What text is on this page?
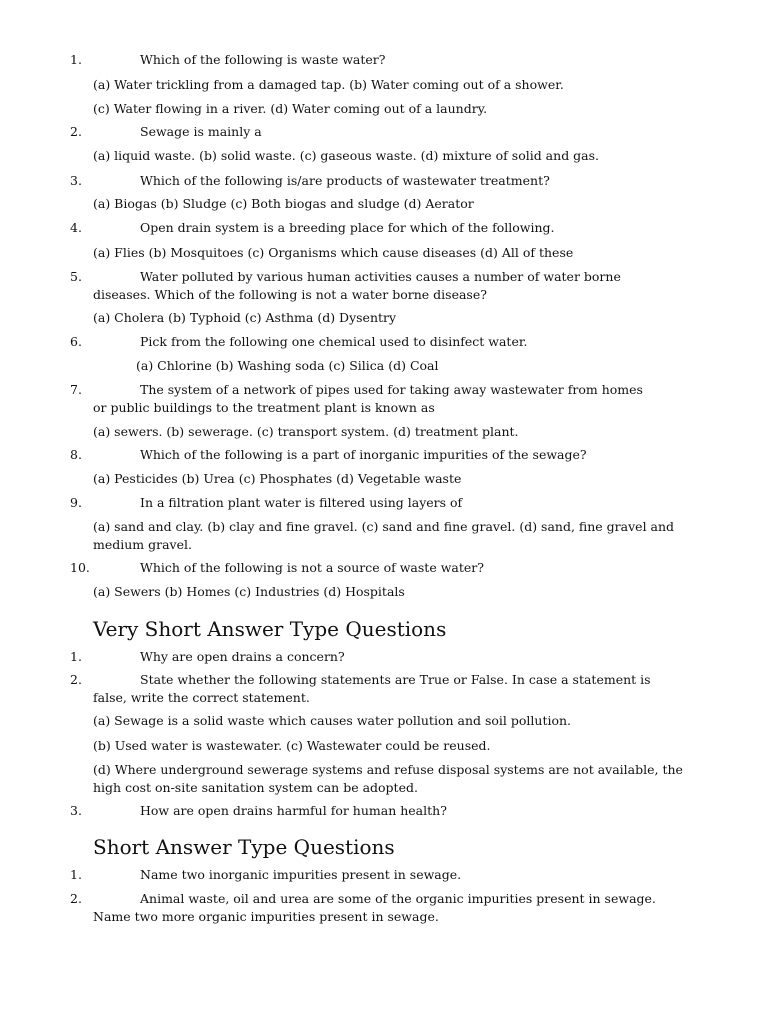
1.	Which of the following is waste water?
(a) Water trickling from a damaged tap. (b) Water coming out of a shower.
(c) Water flowing in a river. (d) Water coming out of a laundry.
2.	Sewage is mainly a
(a) liquid waste. (b) solid waste. (c) gaseous waste. (d) mixture of solid and gas.
3.	Which of the following is/are products of wastewater treatment?
(a) Biogas (b) Sludge (c) Both biogas and sludge (d) Aerator
4.	Open drain system is a breeding place for which of the following.
(a) Flies (b) Mosquitoes (c) Organisms which cause diseases (d) All of these
5.	Water polluted by various human activities causes a number of water borne
diseases. Which of the following is not a water borne disease?
(a) Cholera (b) Typhoid (c) Asthma (d) Dysentry
6.	Pick from the following one chemical used to disinfect water.
(a) Chlorine (b) Washing soda (c) Silica (d) Coal
7.	The system of a network of pipes used for taking away wastewater from homes
or public buildings to the treatment plant is known as
(a) sewers. (b) sewerage. (c) transport system. (d) treatment plant.
8.	Which of the following is a part of inorganic impurities of the sewage?
(a) Pesticides (b) Urea (c) Phosphates (d) Vegetable waste
9.	In a filtration plant water is filtered using layers of
(a) sand and clay. (b) clay and fine gravel. (c) sand and fine gravel. (d) sand, fine gravel and medium gravel.
10.	Which of the following is not a source of waste water?
(a) Sewers (b) Homes (c) Industries (d) Hospitals
Very Short Answer Type Questions
1.	Why are open drains a concern?
2.	State whether the following statements are True or False. In case a statement is
false, write the correct statement.
(a) Sewage is a solid waste which causes water pollution and soil pollution.
(b) Used water is wastewater. (c) Wastewater could be reused.
(d) Where underground sewerage systems and refuse disposal systems are not available, the high cost on-site sanitation system can be adopted.
3.	How are open drains harmful for human health?
Short Answer Type Questions
1.	Name two inorganic impurities present in sewage.
2.	Animal waste, oil and urea are some of the organic impurities present in sewage.
Name two more organic impurities present in sewage.
